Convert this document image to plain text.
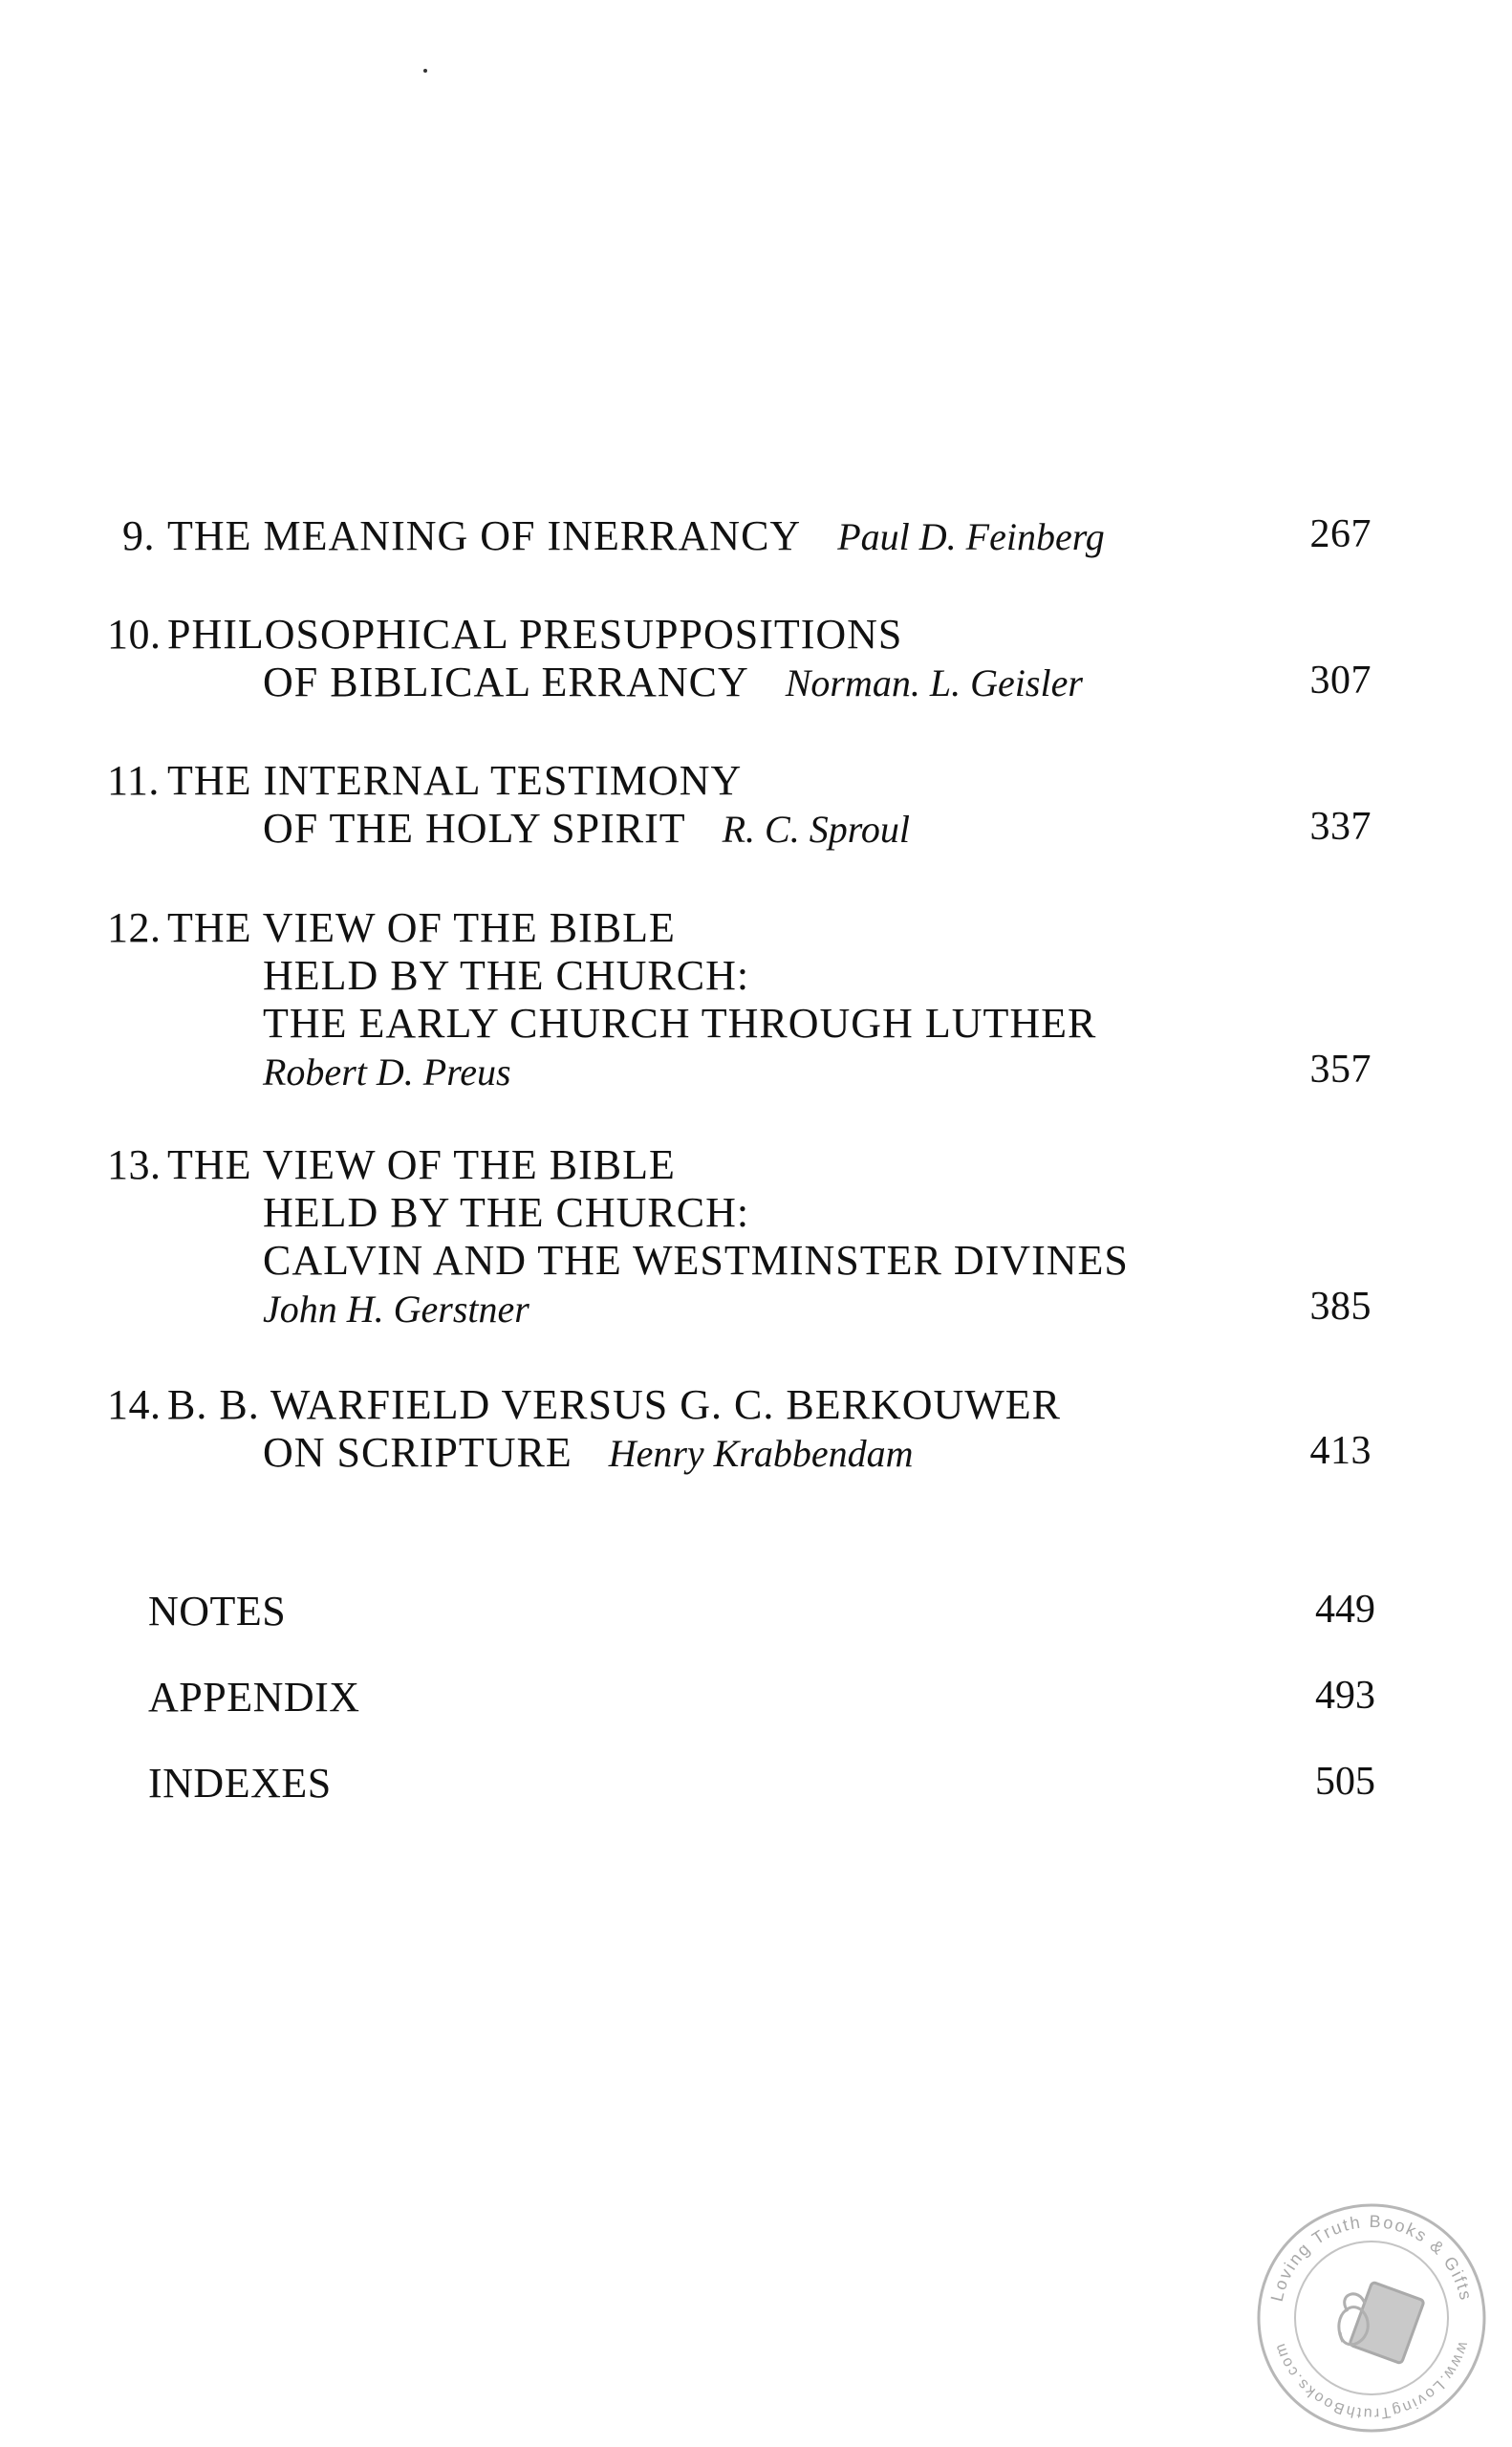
9. THE MEANING OF INERRANCY Paul D. Feinberg	267
10. PHILOSOPHICAL PRESUPPOSITIONS
OF BIBLICAL ERRANCY Norman. L. Geisler	307
11. THE INTERNAL TESTIMONY
OF THE HOLY SPIRIT R. C. Sproul	337
12. THE VIEW OF THE BIBLE
HELD BY THE CHURCH:
THE EARLY CHURCH THROUGH LUTHER
Robert D. Preus	357
13. THE VIEW OF THE BIBLE
HELD BY THE CHURCH:
CALVIN AND THE WESTMINSTER DIVINES
John H. Gerstner	385
14. B. B. WARFIELD VERSUS G. C. BERKOUWER
ON SCRIPTURE Henry Krabbendam	413
NOTES	449
APPENDIX	493
INDEXES	505
Loving Truth Books & Gifts
www.LovingTruthBooks.com
